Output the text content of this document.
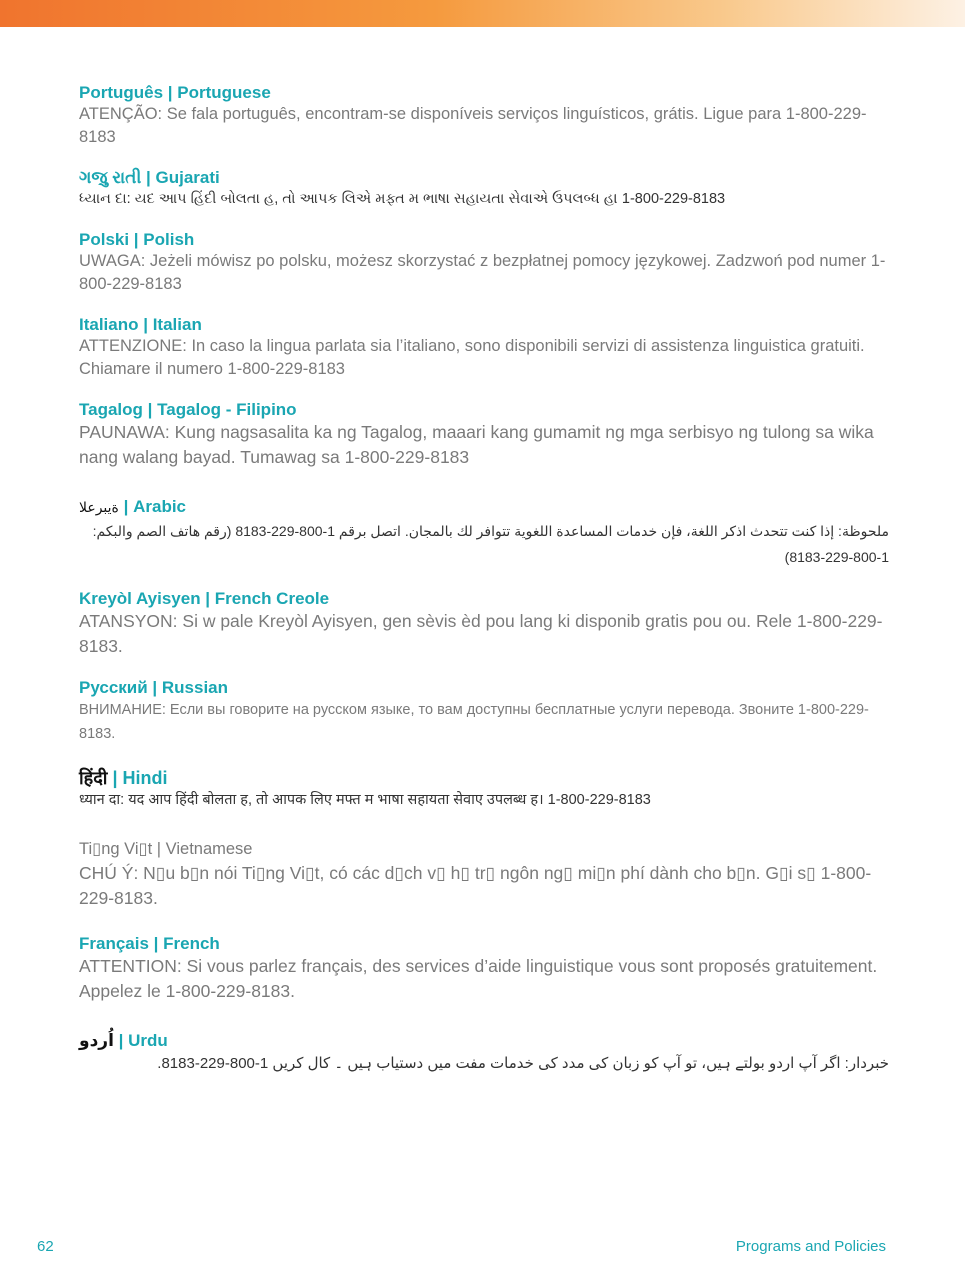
Português | Portuguese

ATENÇÃO: Se fala português, encontram-se disponíveis serviços linguísticos, grátis. Ligue para 1-800-229-8183

ગજુ રાતી | Gujarati

ધ્યાન દા: યદ આપ હિંદી બોલતા હ, તો આપક લિએ મફ્ત મ ભાષા સહાયતા સેવાએ ઉપલબ્ધ હ। 1-800-229-8183

Polski | Polish

UWAGA: Jeżeli mówisz po polsku, możesz skorzystać z bezpłatnej pomocy językowej. Zadzwoń pod numer 1-800-229-8183

Italiano | Italian

ATTENZIONE: In caso la lingua parlata sia l’italiano, sono disponibili servizi di assistenza linguistica gratuiti. Chiamare il numero 1-800-229-8183

Tagalog | Tagalog - Filipino

PAUNAWA: Kung nagsasalita ka ng Tagalog, maaari kang gumamit ng mga serbisyo ng tulong sa wika nang walang bayad. Tumawag sa 1-800-229-8183

ةيبرعلا | Arabic

ملحوظة: إذا كنت تتحدث اذكر اللغة، فإن خدمات المساعدة اللغوية تتوافر لك بالمجان. اتصل برقم 1-800-229-8183 (رقم هاتف الصم والبكم: 1-800-229-8183)

Kreyòl Ayisyen | French Creole

ATANSYON: Si w pale Kreyòl Ayisyen, gen sèvis èd pou lang ki disponib gratis pou ou. Rele 1-800-229-8183.

Русский | Russian

ВНИМАНИЕ: Если вы говорите на русском языке, то вам доступны бесплатные услуги перевода. Звоните 1-800-229-8183.

हिंदी | Hindi

ध्यान दा: यद आप हिंदी बोलता ह, तो आपक लिए मफ्त म भाषा सहायता सेवाए उपलब्ध ह। 1-800-229-8183

Ti▯ng Vi▯t | Vietnamese

CHÚ Ý: N▯u b▯n nói Ti▯ng Vi▯t, có các d▯ch v▯ h▯ tr▯ ngôn ng▯ mi▯n phí dành cho b▯n. G▯i s▯ 1-800-229-8183.

Français | French

ATTENTION: Si vous parlez français, des services d’aide linguistique vous sont proposés gratuitement. Appelez le 1-800-229-8183.

اُردو | Urdu

خبردار: اگر آپ اردو بولتے ہیں، تو آپ کو زبان کی مدد کی خدمات مفت میں دستیاب ہیں ۔ کال کریں 1-800-229-8183.

62	Programs and Policies
